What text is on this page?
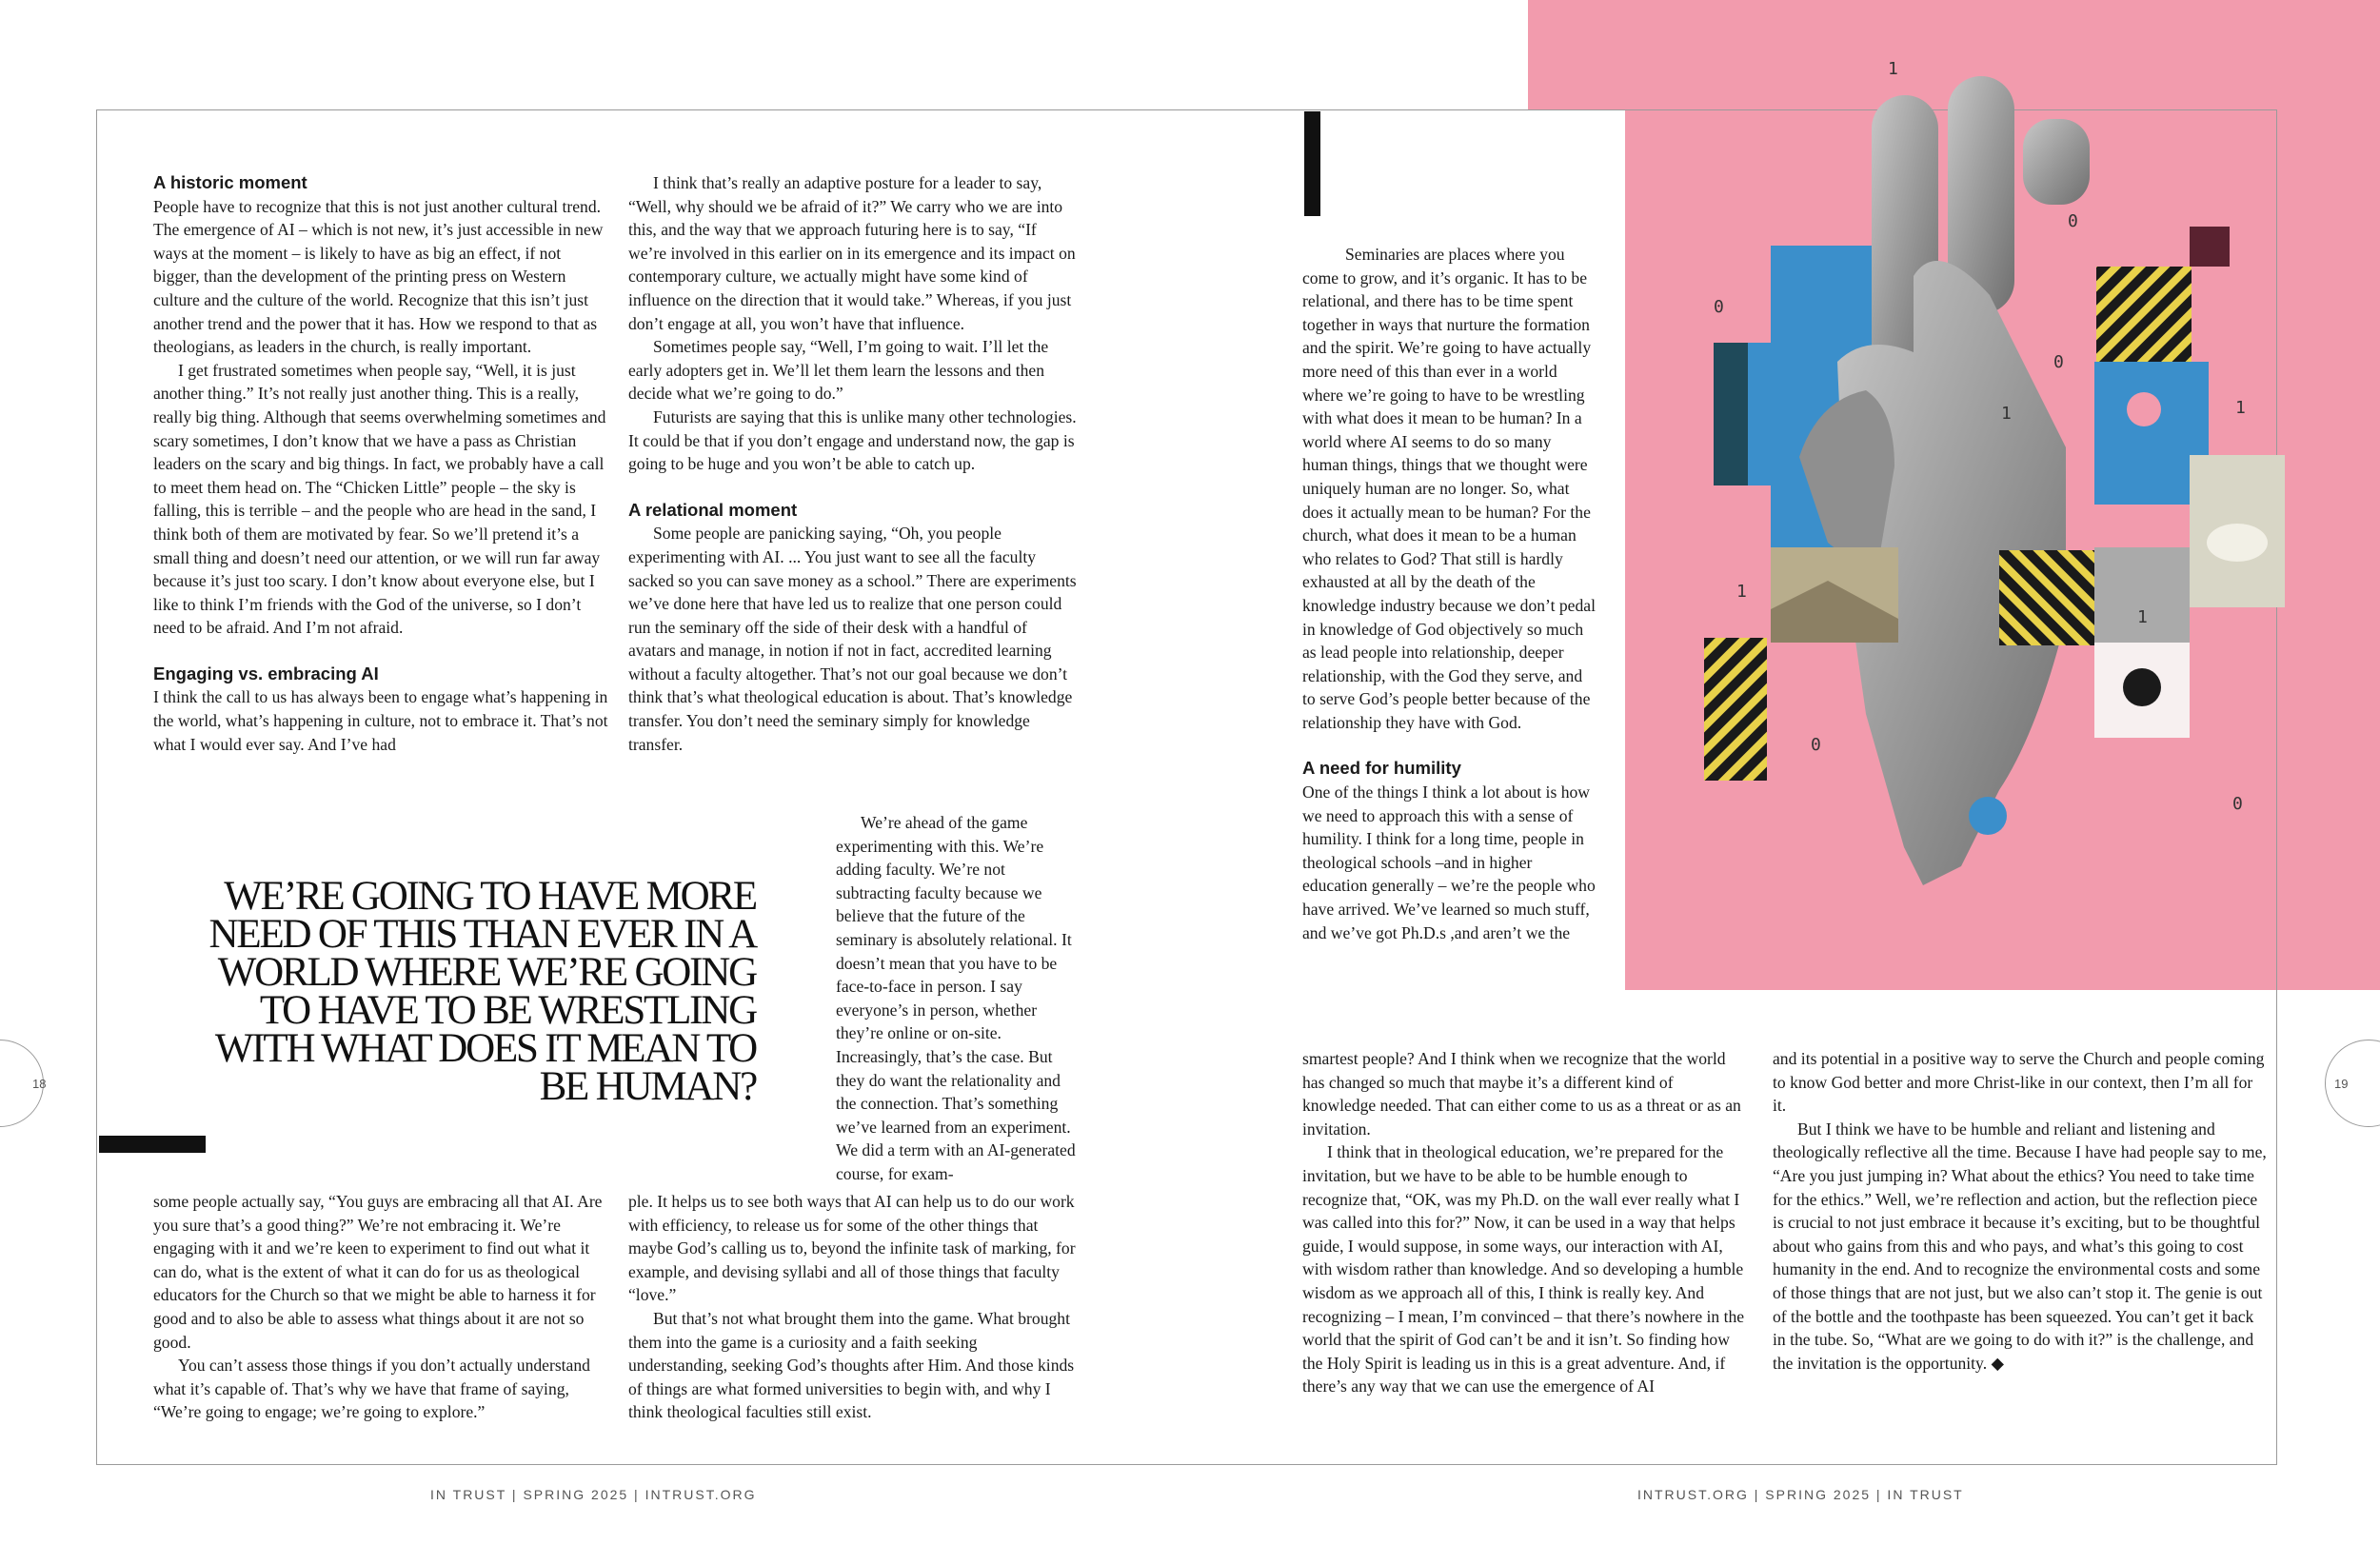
A historic moment

People have to recognize that this is not just another cultural trend. The emergence of AI – which is not new, it’s just accessible in new ways at the moment – is likely to have as big an effect, if not bigger, than the development of the printing press on Western culture and the culture of the world. Recognize that this isn’t just another trend and the power that it has. How we respond to that as theologians, as leaders in the church, is really important.

I get frustrated sometimes when people say, “Well, it is just another thing.” It’s not really just another thing. This is a really, really big thing. Although that seems overwhelming sometimes and scary sometimes, I don’t know that we have a pass as Christian leaders on the scary and big things. In fact, we probably have a call to meet them head on. The “Chicken Little” people – the sky is falling, this is terrible – and the people who are head in the sand, I think both of them are motivated by fear. So we’ll pretend it’s a small thing and doesn’t need our attention, or we will run far away because it’s just too scary. I don’t know about everyone else, but I like to think I’m friends with the God of the universe, so I don’t need to be afraid. And I’m not afraid.

Engaging vs. embracing AI

I think the call to us has always been to engage what’s happening in the world, what’s happening in culture, not to embrace it. That’s not what I would ever say. And I’ve had

I think that’s really an adaptive posture for a leader to say, “Well, why should we be afraid of it?” We carry who we are into this, and the way that we approach futuring here is to say, “If we’re involved in this earlier on in its emergence and its impact on contemporary culture, we actually might have some kind of influence on the direction that it would take.” Whereas, if you just don’t engage at all, you won’t have that influence.

Sometimes people say, “Well, I’m going to wait. I’ll let the early adopters get in. We’ll let them learn the lessons and then decide what we’re going to do.”

Futurists are saying that this is unlike many other technologies. It could be that if you don’t engage and understand now, the gap is going to be huge and you won’t be able to catch up.

A relational moment

Some people are panicking saying, “Oh, you people experimenting with AI. ... You just want to see all the faculty sacked so you can save money as a school.” There are experiments we’ve done here that have led us to realize that one person could run the seminary off the side of their desk with a handful of avatars and manage, in notion if not in fact, accredited learning without a faculty altogether. That’s not our goal because we don’t think that’s what theological education is about. That’s knowledge transfer. You don’t need the seminary simply for knowledge transfer.

We’re ahead of the game experimenting with this. We’re adding faculty. We’re not subtracting faculty because we believe that the future of the seminary is absolutely relational. It doesn’t mean that you have to be face-to-face in person. I say everyone’s in person, whether they’re online or on-site. Increasingly, that’s the case. But they do want the relationality and the connection. That’s something we’ve learned from an experiment. We did a term with an AI-generated course, for exam-

WE’RE GOING TO HAVE MORE NEED OF THIS THAN EVER IN A WORLD WHERE WE’RE GOING TO HAVE TO BE WRESTLING WITH WHAT DOES IT MEAN TO BE HUMAN?

some people actually say, “You guys are embracing all that AI. Are you sure that’s a good thing?” We’re not embracing it. We’re engaging with it and we’re keen to experiment to find out what it can do, what is the extent of what it can do for us as theological educators for the Church so that we might be able to harness it for good and to also be able to assess what things about it are not so good.

You can’t assess those things if you don’t actually understand what it’s capable of. That’s why we have that frame of saying, “We’re going to engage; we’re going to explore.”

ple. It helps us to see both ways that AI can help us to do our work with efficiency, to release us for some of the other things that maybe God’s calling us to, beyond the infinite task of marking, for example, and devising syllabi and all of those things that faculty “love.”

But that’s not what brought them into the game. What brought them into the game is a curiosity and a faith seeking understanding, seeking God’s thoughts after Him. And those kinds of things are what formed universities to begin with, and why I think theological faculties still exist.

Seminaries are places where you come to grow, and it’s organic. It has to be relational, and there has to be time spent together in ways that nurture the formation and the spirit. We’re going to have actually more need of this than ever in a world where we’re going to have to be wrestling with what does it mean to be human? In a world where AI seems to do so many human things, things that we thought were uniquely human are no longer. So, what does it actually mean to be human? For the church, what does it mean to be a human who relates to God? That still is hardly exhausted at all by the death of the knowledge industry because we don’t pedal in knowledge of God objectively so much as lead people into relationship, deeper relationship, with the God they serve, and to serve God’s people better because of the relationship they have with God.

A need for humility

One of the things I think a lot about is how we need to approach this with a sense of humility. I think for a long time, people in theological schools –and in higher education generally – we’re the people who have arrived. We’ve learned so much stuff, and we’ve got Ph.D.s ,and aren’t we the

smartest people? And I think when we recognize that the world has changed so much that maybe it’s a different kind of knowledge needed. That can either come to us as a threat or as an invitation.

I think that in theological education, we’re prepared for the invitation, but we have to be able to be humble enough to recognize that, “OK, was my Ph.D. on the wall ever really what I was called into this for?” Now, it can be used in a way that helps guide, I would suppose, in some ways, our interaction with AI, with wisdom rather than knowledge. And so developing a humble wisdom as we approach all of this, I think is really key. And recognizing – I mean, I’m convinced – that there’s nowhere in the world that the spirit of God can’t be and it isn’t. So finding how the Holy Spirit is leading us in this is a great adventure. And, if there’s any way that we can use the emergence of AI

and its potential in a positive way to serve the Church and people coming to know God better and more Christ-like in our context, then I’m all for it.

But I think we have to be humble and reliant and listening and theologically reflective all the time. Because I have had people say to me, “Are you just jumping in? What about the ethics? You need to take time for the ethics.” Well, we’re reflection and action, but the reflection piece is crucial to not just embrace it because it’s exciting, but to be thoughtful about who gains from this and who pays, and what’s this going to cost humanity in the end. And to recognize the environmental costs and some of those things that are not just, but we also can’t stop it. The genie is out of the bottle and the toothpaste has been squeezed. You can’t get it back in the tube. So, “What are we going to do with it?” is the challenge, and the invitation is the opportunity. ◆

1
0
0
0
1	1
1
1
0
0
18	19
IN TRUST | SPRING 2025 | INTRUST.ORG	INTRUST.ORG | SPRING 2025 | IN TRUST
